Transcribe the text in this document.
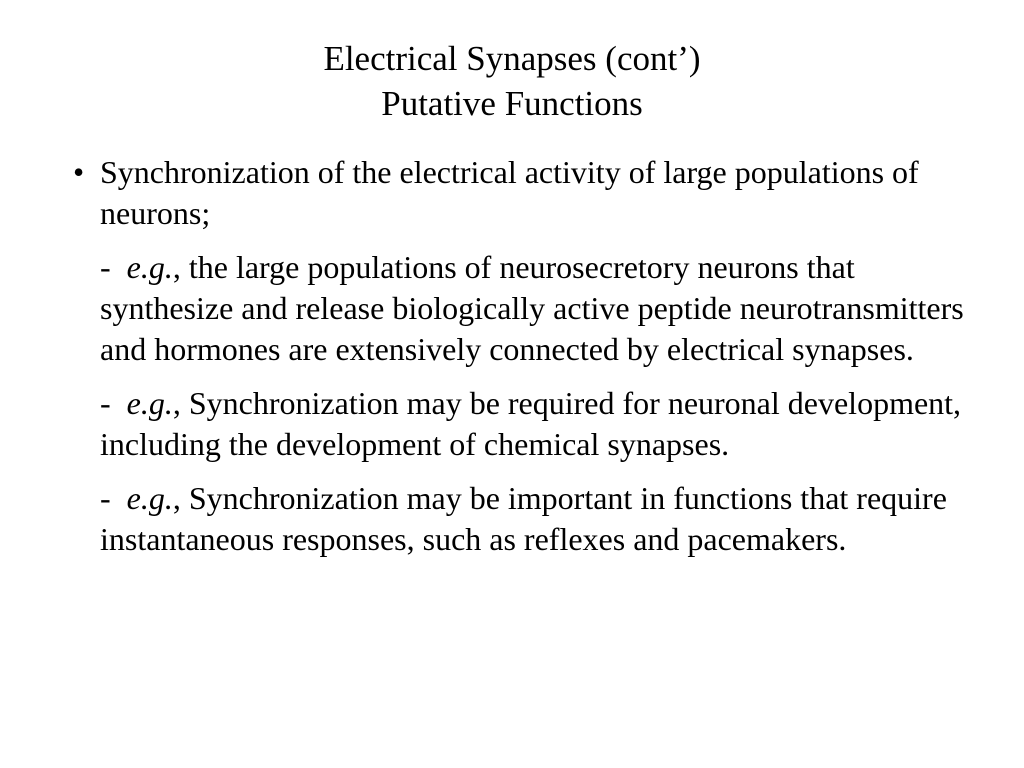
Electrical Synapses (cont’)
Putative Functions
• Synchronization of the electrical activity of large populations of neurons;
-  e.g., the large populations of neurosecretory neurons that synthesize and release biologically active peptide neurotransmitters and hormones are extensively connected by electrical synapses.
-  e.g., Synchronization may be required for neuronal development, including the development of chemical synapses.
-  e.g., Synchronization may be important in functions that require instantaneous responses, such as reflexes and pacemakers.
